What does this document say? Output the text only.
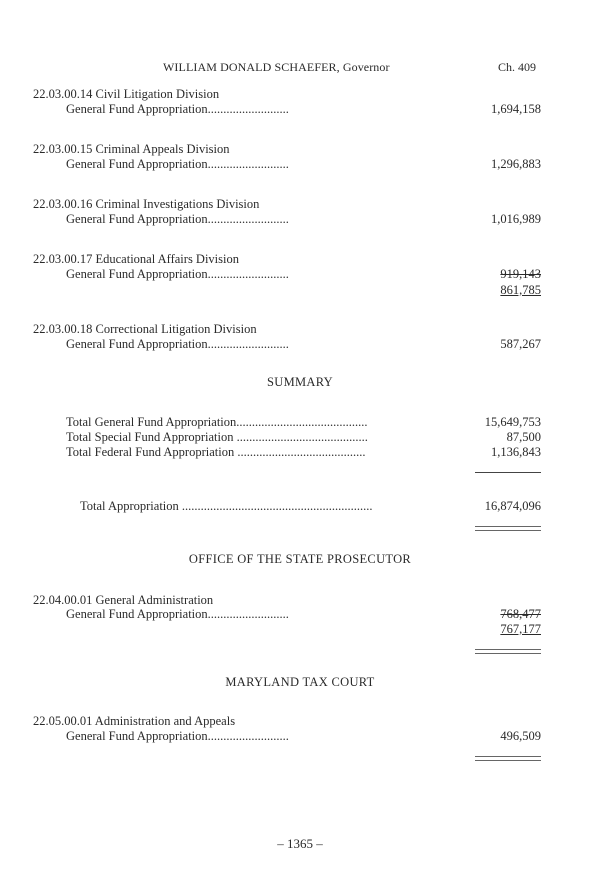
WILLIAM DONALD SCHAEFER, Governor	Ch. 409
22.03.00.14 Civil Litigation Division
General Fund Appropriation..........................	1,694,158
22.03.00.15 Criminal Appeals Division
General Fund Appropriation..........................	1,296,883
22.03.00.16 Criminal Investigations Division
General Fund Appropriation..........................	1,016,989
22.03.00.17 Educational Affairs Division
General Fund Appropriation..........................	919,143
861,785
22.03.00.18 Correctional Litigation Division
General Fund Appropriation..........................	587,267
SUMMARY
Total General Fund Appropriation..........................................	15,649,753
Total Special Fund Appropriation ..........................................	87,500
Total Federal Fund Appropriation .........................................	1,136,843
Total Appropriation .............................................................	16,874,096
OFFICE OF THE STATE PROSECUTOR
22.04.00.01 General Administration
General Fund Appropriation..........................	768,477
767,177
MARYLAND TAX COURT
22.05.00.01 Administration and Appeals
General Fund Appropriation..........................	496,509
– 1365 –
